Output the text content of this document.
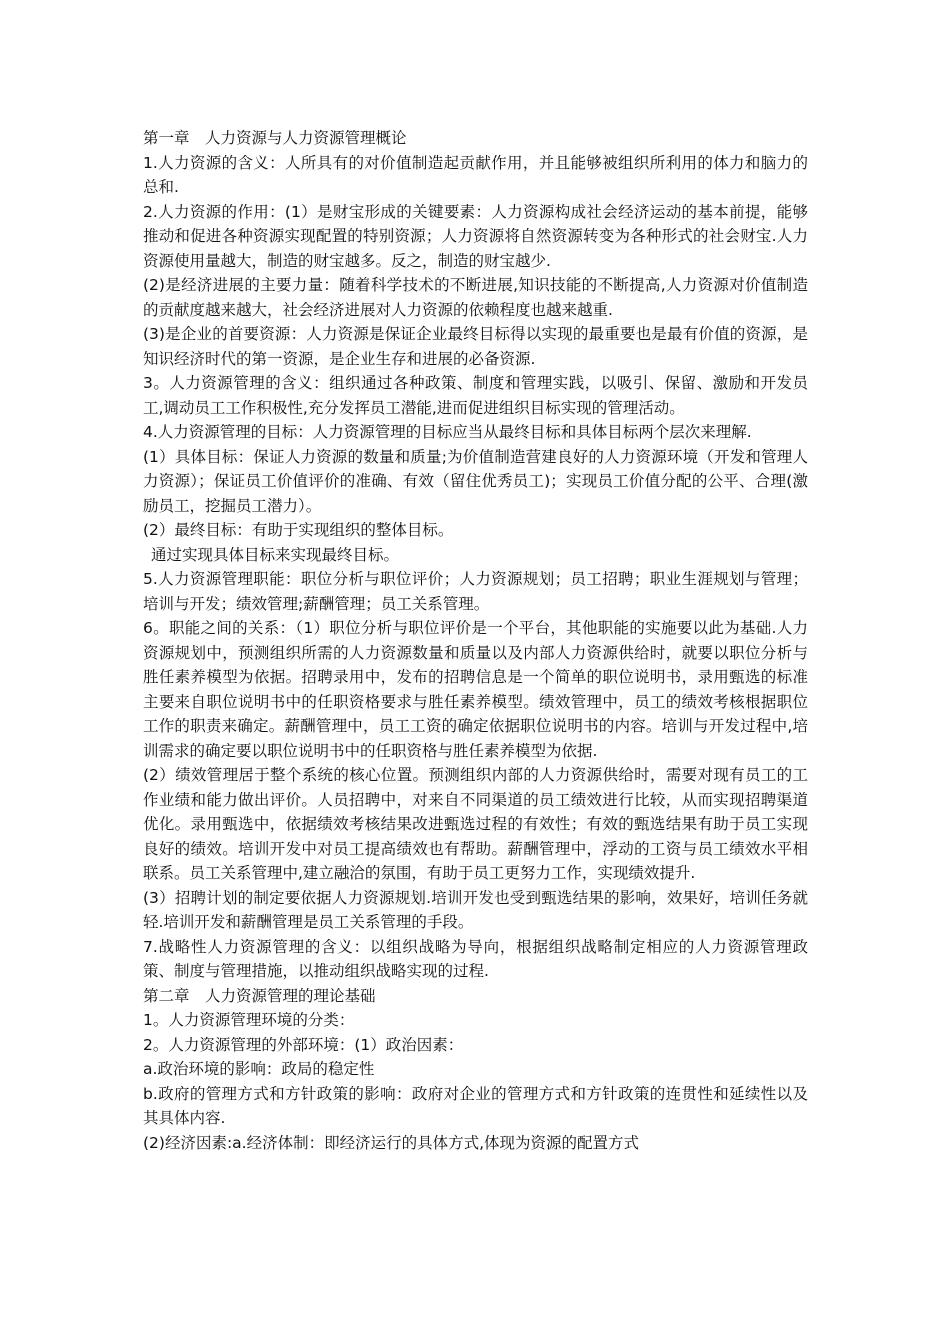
第一章　人力资源与人力资源管理概论

1.人力资源的含义：人所具有的对价值制造起贡献作用，并且能够被组织所利用的体力和脑力的总和.

2.人力资源的作用：(1）是财宝形成的关键要素：人力资源构成社会经济运动的基本前提，能够推动和促进各种资源实现配置的特别资源；人力资源将自然资源转变为各种形式的社会财宝.人力资源使用量越大，制造的财宝越多。反之，制造的财宝越少.

(2)是经济进展的主要力量：随着科学技术的不断进展,知识技能的不断提高,人力资源对价值制造的贡献度越来越大，社会经济进展对人力资源的依赖程度也越来越重.

(3)是企业的首要资源：人力资源是保证企业最终目标得以实现的最重要也是最有价值的资源，是知识经济时代的第一资源，是企业生存和进展的必备资源.

3。人力资源管理的含义：组织通过各种政策、制度和管理实践，以吸引、保留、激励和开发员工,调动员工工作积极性,充分发挥员工潜能,进而促进组织目标实现的管理活动。

4.人力资源管理的目标：人力资源管理的目标应当从最终目标和具体目标两个层次来理解.

(1）具体目标：保证人力资源的数量和质量;为价值制造营建良好的人力资源环境（开发和管理人力资源）；保证员工价值评价的准确、有效（留住优秀员工)；实现员工价值分配的公平、合理(激励员工，挖掘员工潜力）。

(2）最终目标：有助于实现组织的整体目标。

通过实现具体目标来实现最终目标。

5.人力资源管理职能：职位分析与职位评价；人力资源规划；员工招聘；职业生涯规划与管理；培训与开发；绩效管理;薪酬管理；员工关系管理。

6。职能之间的关系：（1）职位分析与职位评价是一个平台，其他职能的实施要以此为基础.人力资源规划中，预测组织所需的人力资源数量和质量以及内部人力资源供给时，就要以职位分析与胜任素养模型为依据。招聘录用中，发布的招聘信息是一个简单的职位说明书，录用甄选的标准主要来自职位说明书中的任职资格要求与胜任素养模型。绩效管理中，员工的绩效考核根据职位工作的职责来确定。薪酬管理中，员工工资的确定依据职位说明书的内容。培训与开发过程中,培训需求的确定要以职位说明书中的任职资格与胜任素养模型为依据.

(2）绩效管理居于整个系统的核心位置。预测组织内部的人力资源供给时，需要对现有员工的工作业绩和能力做出评价。人员招聘中，对来自不同渠道的员工绩效进行比较，从而实现招聘渠道优化。录用甄选中，依据绩效考核结果改进甄选过程的有效性；有效的甄选结果有助于员工实现良好的绩效。培训开发中对员工提高绩效也有帮助。薪酬管理中，浮动的工资与员工绩效水平相联系。员工关系管理中,建立融洽的氛围，有助于员工更努力工作，实现绩效提升.

(3）招聘计划的制定要依据人力资源规划.培训开发也受到甄选结果的影响，效果好，培训任务就轻.培训开发和薪酬管理是员工关系管理的手段。

7.战略性人力资源管理的含义：以组织战略为导向，根据组织战略制定相应的人力资源管理政策、制度与管理措施，以推动组织战略实现的过程.

第二章　人力资源管理的理论基础

1。人力资源管理环境的分类：

2。人力资源管理的外部环境：(1）政治因素：

a.政治环境的影响：政局的稳定性

b.政府的管理方式和方针政策的影响：政府对企业的管理方式和方针政策的连贯性和延续性以及其具体内容.

(2)经济因素:a.经济体制：即经济运行的具体方式,体现为资源的配置方式
